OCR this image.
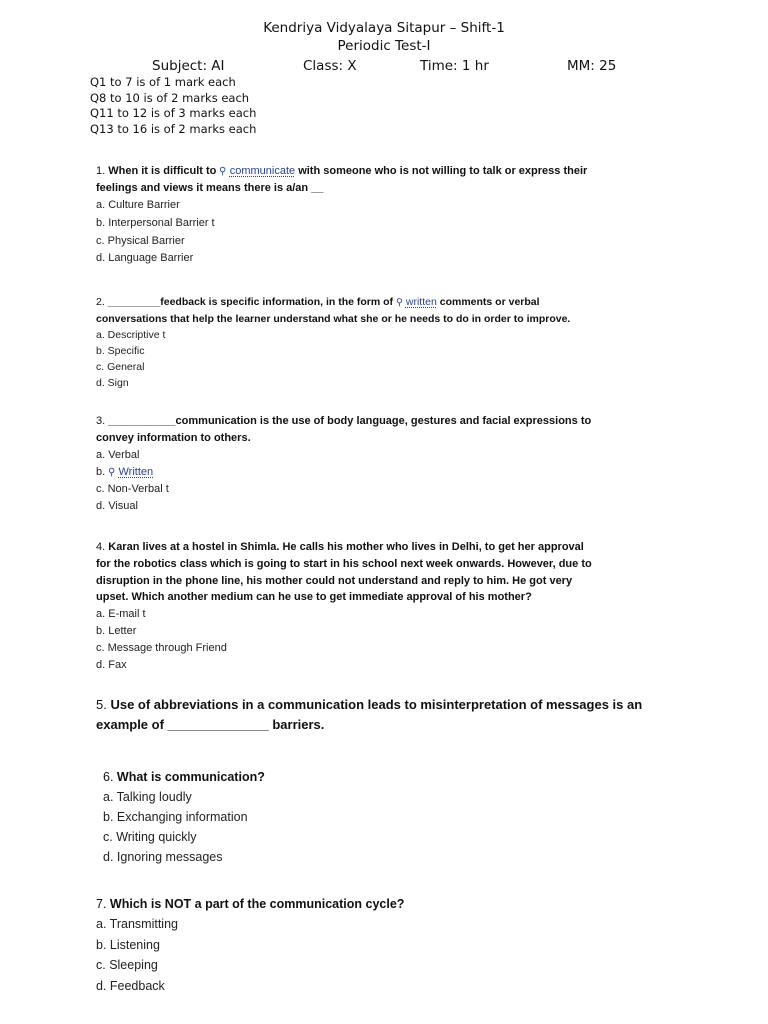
Kendriya Vidyalaya Sitapur – Shift-1
Periodic Test-I
Subject: AI	Class: X	Time: 1 hr	MM: 25
Q1 to 7 is of 1 mark each
Q8 to 10 is of 2 marks each
Q11 to 12 is of 3 marks each
Q13 to 16 is of 2 marks each
1. When it is difficult to ⚲ communicate with someone who is not willing to talk or express their
feelings and views it means there is a/an __
a. Culture Barrier
b. Interpersonal Barrier t
c. Physical Barrier
d. Language Barrier
2. _________feedback is specific information, in the form of ⚲ written comments or verbal
conversations that help the learner understand what she or he needs to do in order to improve.
a. Descriptive t
b. Specific
c. General
d. Sign
3. ___________communication is the use of body language, gestures and facial expressions to
convey information to others.
a. Verbal
b. ⚲ Written
c. Non-Verbal t
d. Visual
4. Karan lives at a hostel in Shimla. He calls his mother who lives in Delhi, to get her approval
for the robotics class which is going to start in his school next week onwards. However, due to
disruption in the phone line, his mother could not understand and reply to him. He got very
upset. Which another medium can he use to get immediate approval of his mother?
a. E-mail t
b. Letter
c. Message through Friend
d. Fax
5. Use of abbreviations in a communication leads to misinterpretation of messages is an
example of ______________ barriers.
6. What is communication?
a. Talking loudly
b. Exchanging information
c. Writing quickly
d. Ignoring messages
7. Which is NOT a part of the communication cycle?
a. Transmitting
b. Listening
c. Sleeping
d. Feedback
